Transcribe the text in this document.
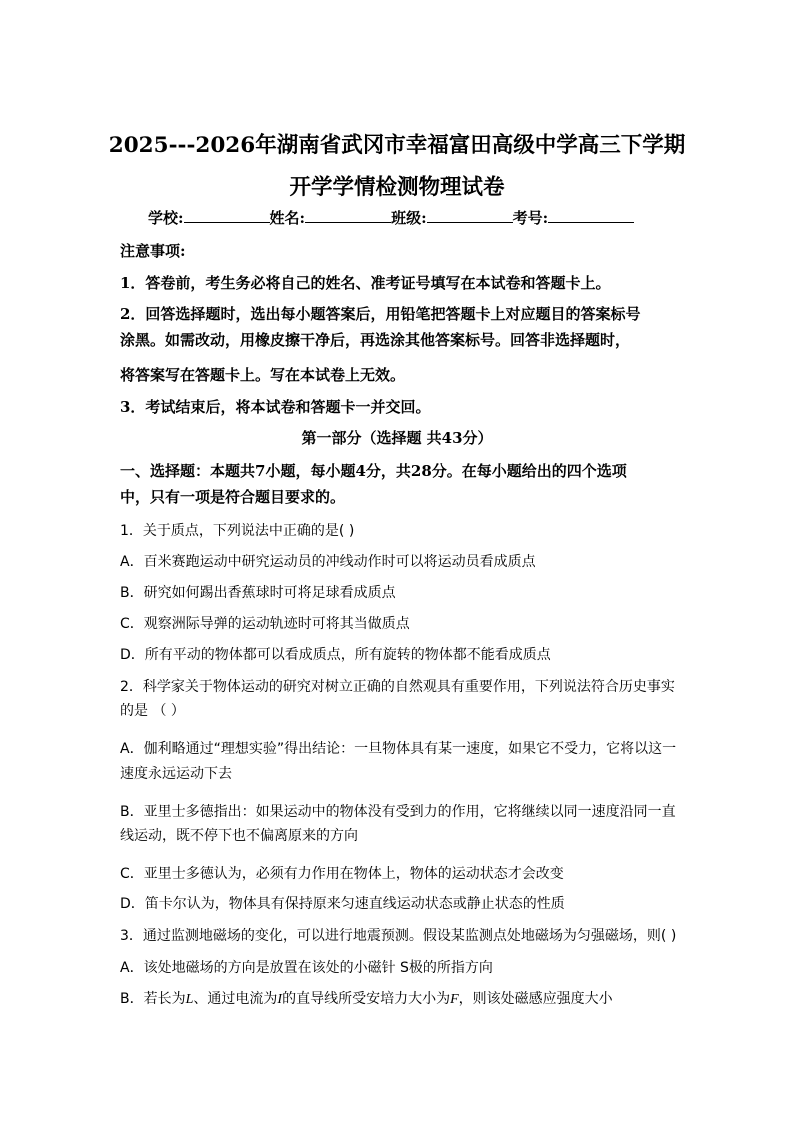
2025---2026年湖南省武冈市幸福富田高级中学高三下学期
开学学情检测物理试卷
学校:	姓名:	班级:	考号:
注意事项:
1．答卷前，考生务必将自己的姓名、准考证号填写在本试卷和答题卡上。
2．回答选择题时，选出每小题答案后，用铅笔把答题卡上对应题目的答案标号
涂黑。如需改动，用橡皮擦干净后，再选涂其他答案标号。回答非选择题时，
将答案写在答题卡上。写在本试卷上无效。
3．考试结束后，将本试卷和答题卡一并交回。
第一部分（选择题 共43分）
一、选择题：本题共7小题，每小题4分，共28分。在每小题给出的四个选项
中，只有一项是符合题目要求的。
1．关于质点，下列说法中正确的是( )
A．百米赛跑运动中研究运动员的冲线动作时可以将运动员看成质点
B．研究如何踢出香蕉球时可将足球看成质点
C．观察洲际导弹的运动轨迹时可将其当做质点
D．所有平动的物体都可以看成质点，所有旋转的物体都不能看成质点
2．科学家关于物体运动的研究对树立正确的自然观具有重要作用，下列说法符合历史事实
的是 （ ）
A．伽利略通过“理想实验”得出结论：一旦物体具有某一速度，如果它不受力，它将以这一
速度永远运动下去
B．亚里士多德指出：如果运动中的物体没有受到力的作用，它将继续以同一速度沿同一直
线运动，既不停下也不偏离原来的方向
C．亚里士多德认为，必须有力作用在物体上，物体的运动状态才会改变
D．笛卡尔认为，物体具有保持原来匀速直线运动状态或静止状态的性质
3．通过监测地磁场的变化，可以进行地震预测。假设某监测点处地磁场为匀强磁场，则( )
A．该处地磁场的方向是放置在该处的小磁针 S极的所指方向
B．若长为L、通过电流为I的直导线所受安培力大小为F，则该处磁感应强度大小
